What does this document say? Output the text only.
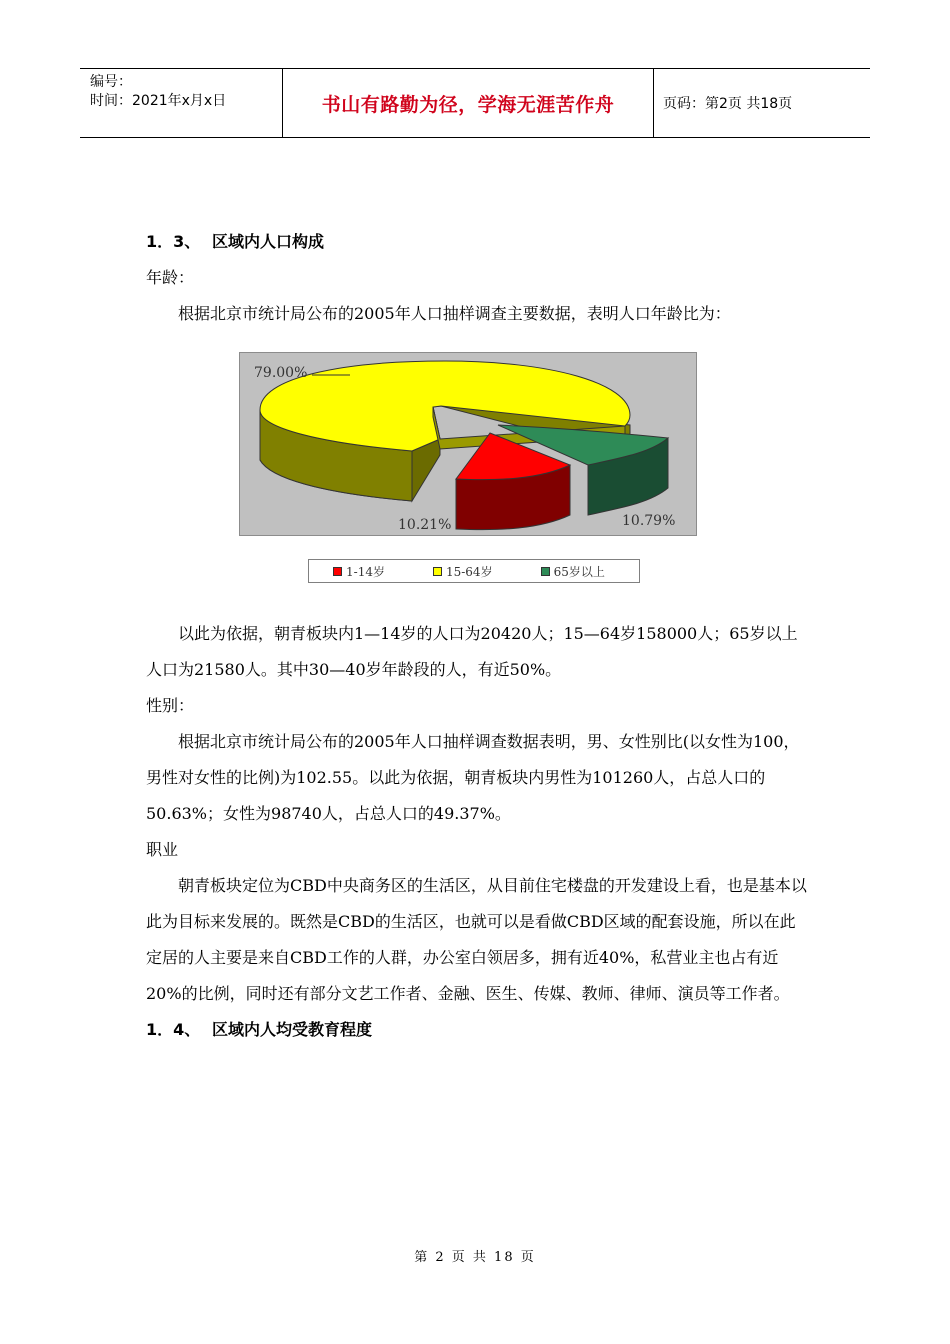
编号：
时间：2021年x月x日	书山有路勤为径，学海无涯苦作舟	页码：第2页 共18页
1．3、 区域内人口构成
年龄：

根据北京市统计局公布的2005年人口抽样调查主要数据，表明人口年龄比为：

79.00%
10.21%	10.79%
1-14岁	15-64岁	65岁以上

以此为依据，朝青板块内1—14岁的人口为20420人；15—64岁158000人；65岁以上人口为21580人。其中30—40岁年龄段的人，有近50%。

性别：

根据北京市统计局公布的2005年人口抽样调查数据表明，男、女性别比(以女性为100，男性对女性的比例)为102.55。以此为依据，朝青板块内男性为101260人，占总人口的50.63%；女性为98740人，占总人口的49.37%。

职业

朝青板块定位为CBD中央商务区的生活区，从目前住宅楼盘的开发建设上看，也是基本以此为目标来发展的。既然是CBD的生活区，也就可以是看做CBD区域的配套设施，所以在此定居的人主要是来自CBD工作的人群，办公室白领居多，拥有近40%，私营业主也占有近20%的比例，同时还有部分文艺工作者、金融、医生、传媒、教师、律师、演员等工作者。

1．4、 区域内人均受教育程度
第 2 页 共 18 页
